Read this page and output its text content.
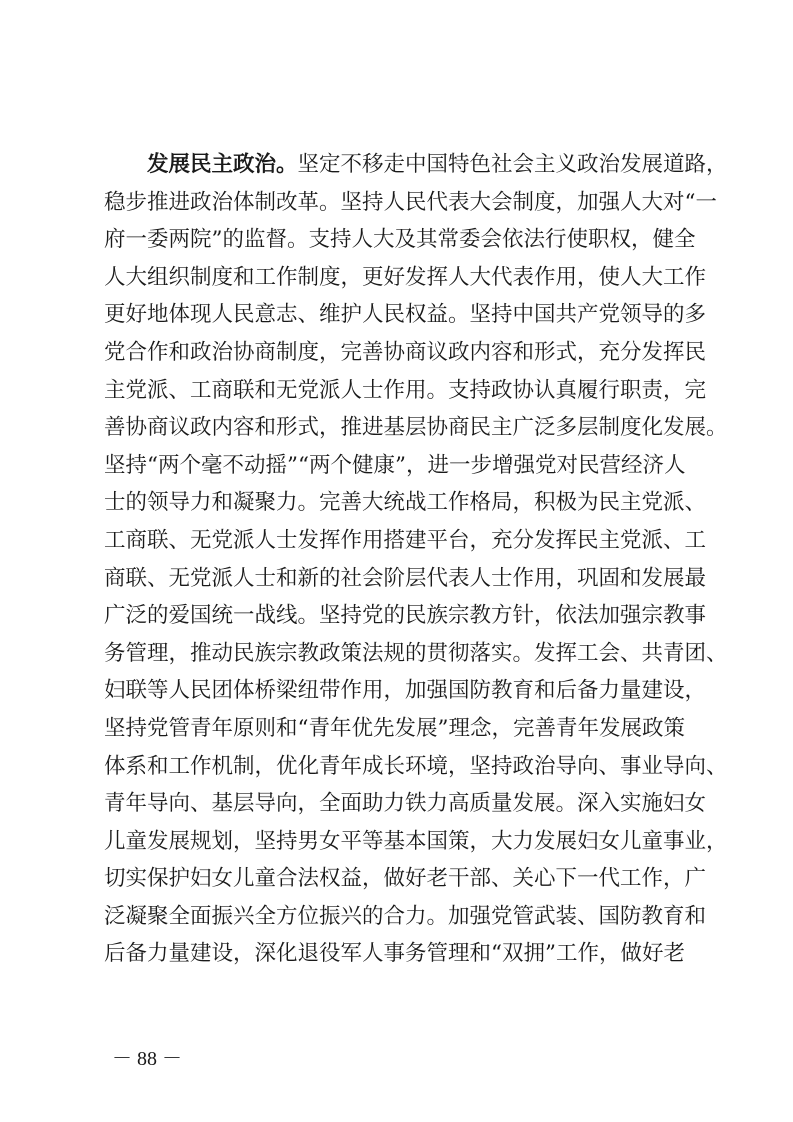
发展民主政治。坚定不移走中国特色社会主义政治发展道路，
稳步推进政治体制改革。坚持人民代表大会制度，加强人大对“一
府一委两院”的监督。支持人大及其常委会依法行使职权，健全
人大组织制度和工作制度，更好发挥人大代表作用，使人大工作
更好地体现人民意志、维护人民权益。坚持中国共产党领导的多
党合作和政治协商制度，完善协商议政内容和形式，充分发挥民
主党派、工商联和无党派人士作用。支持政协认真履行职责，完
善协商议政内容和形式，推进基层协商民主广泛多层制度化发展。
坚持“两个毫不动摇”“两个健康”，进一步增强党对民营经济人
士的领导力和凝聚力。完善大统战工作格局，积极为民主党派、
工商联、无党派人士发挥作用搭建平台，充分发挥民主党派、工
商联、无党派人士和新的社会阶层代表人士作用，巩固和发展最
广泛的爱国统一战线。坚持党的民族宗教方针，依法加强宗教事
务管理，推动民族宗教政策法规的贯彻落实。发挥工会、共青团、
妇联等人民团体桥梁纽带作用，加强国防教育和后备力量建设，
坚持党管青年原则和“青年优先发展”理念，完善青年发展政策
体系和工作机制，优化青年成长环境，坚持政治导向、事业导向、
青年导向、基层导向，全面助力铁力高质量发展。深入实施妇女
儿童发展规划，坚持男女平等基本国策，大力发展妇女儿童事业，
切实保护妇女儿童合法权益，做好老干部、关心下一代工作，广
泛凝聚全面振兴全方位振兴的合力。加强党管武装、国防教育和
后备力量建设，深化退役军人事务管理和“双拥”工作，做好老
－ 88 －
